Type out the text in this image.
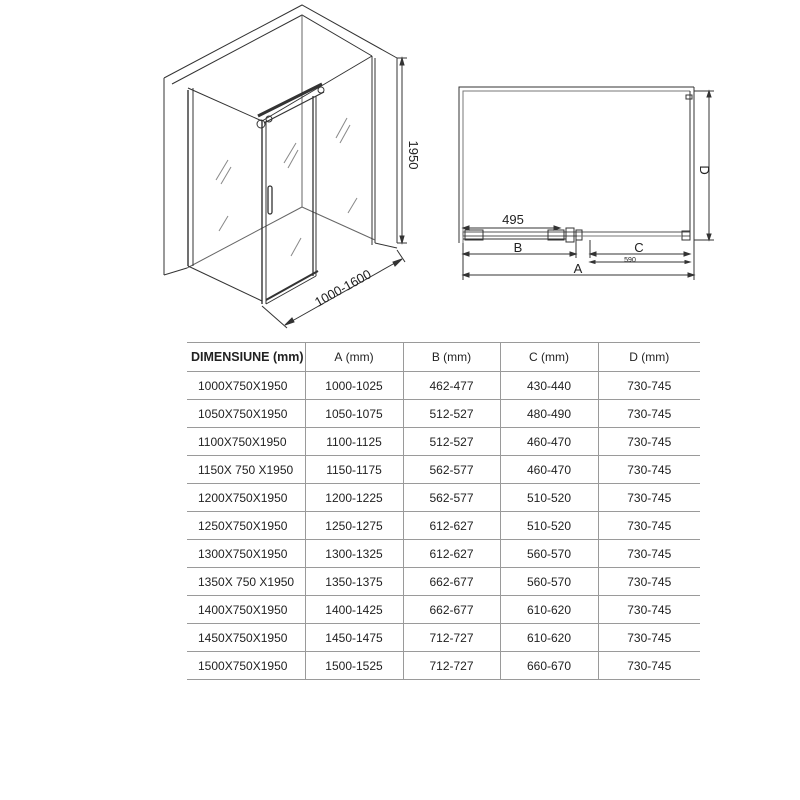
1950
1000-1600
495
B	C
590
A
D
DIMENSIUNE (mm)	A (mm)	B (mm)	C (mm)	D (mm)
1000X750X1950	1000-1025	462-477	430-440	730-745
1050X750X1950	1050-1075	512-527	480-490	730-745
1100X750X1950	1100-1125	512-527	460-470	730-745
1150X 750 X1950	1150-1175	562-577	460-470	730-745
1200X750X1950	1200-1225	562-577	510-520	730-745
1250X750X1950	1250-1275	612-627	510-520	730-745
1300X750X1950	1300-1325	612-627	560-570	730-745
1350X 750 X1950	1350-1375	662-677	560-570	730-745
1400X750X1950	1400-1425	662-677	610-620	730-745
1450X750X1950	1450-1475	712-727	610-620	730-745
1500X750X1950	1500-1525	712-727	660-670	730-745
